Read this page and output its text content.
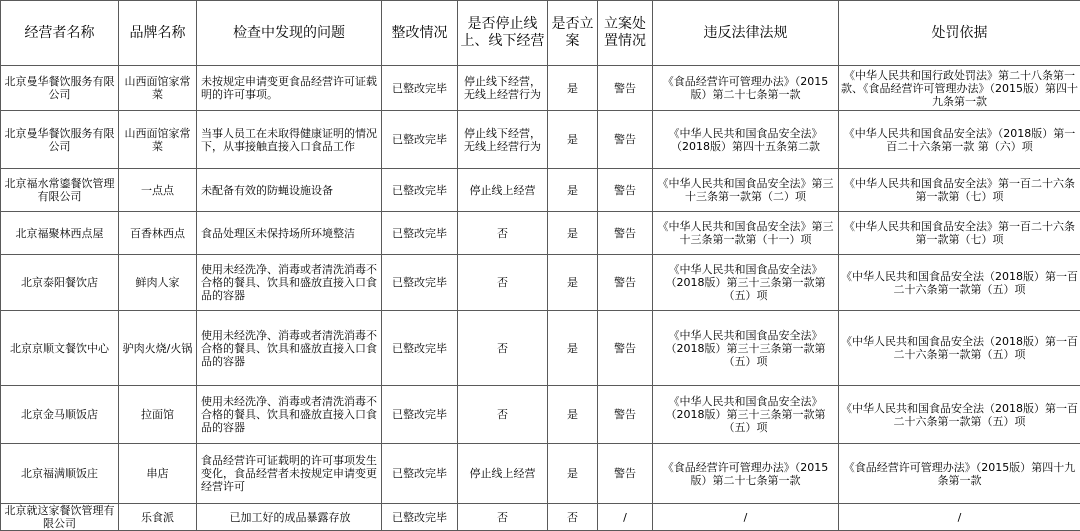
经营者名称	品牌名称	检查中发现的问题	整改情况	是否停止线上、线下经营	是否立案	立案处置情况	违反法律法规	处罚依据
北京曼华餐饮服务有限公司	山西面馆家常菜	未按规定申请变更食品经营许可证载明的许可事项。	已整改完毕	停止线下经营，无线上经营行为	是	警告	《食品经营许可管理办法》（2015版）第二十七条第一款	《中华人民共和国行政处罚法》第二十八条第一款、《食品经营许可管理办法》（2015版）第四十九条第一款
北京曼华餐饮服务有限公司	山西面馆家常菜	当事人员工在未取得健康证明的情况下，从事接触直接入口食品工作	已整改完毕	停止线下经营，无线上经营行为	是	警告	《中华人民共和国食品安全法》（2018版）第四十五条第二款	《中华人民共和国食品安全法》（2018版）第一百二十六条第一款 第（六）项
北京福水常鎏餐饮管理有限公司	一点点	未配备有效的防蝇设施设备	已整改完毕	停止线上经营	是	警告	《中华人民共和国食品安全法》第三十三条第一款第（二）项	《中华人民共和国食品安全法》第一百二十六条第一款第（七）项
北京福聚林西点屋	百香林西点	食品处理区未保持场所环境整洁	已整改完毕	否	是	警告	《中华人民共和国食品安全法》第三十三条第一款第（十一）项	《中华人民共和国食品安全法》第一百二十六条第一款第（七）项
北京泰阳餐饮店	鲜肉人家	使用未经洗净、消毒或者清洗消毒不合格的餐具、饮具和盛放直接入口食品的容器	已整改完毕	否	是	警告	《中华人民共和国食品安全法》（2018版）第三十三条第一款第（五）项	《中华人民共和国食品安全法（2018版）第一百二十六条第一款第（五）项
北京京顺文餐饮中心	驴肉火烧/火锅	使用未经洗净、消毒或者清洗消毒不合格的餐具、饮具和盛放直接入口食品的容器	已整改完毕	否	是	警告	《中华人民共和国食品安全法》（2018版）第三十三条第一款第（五）项	《中华人民共和国食品安全法（2018版）第一百二十六条第一款第（五）项
北京金马顺饭店	拉面馆	使用未经洗净、消毒或者清洗消毒不合格的餐具、饮具和盛放直接入口食品的容器	已整改完毕	否	是	警告	《中华人民共和国食品安全法》（2018版）第三十三条第一款第（五）项	《中华人民共和国食品安全法（2018版）第一百二十六条第一款第（五）项
北京福满顺饭庄	串店	食品经营许可证载明的许可事项发生变化，食品经营者未按规定申请变更经营许可	已整改完毕	停止线上经营	是	警告	《食品经营许可管理办法》（2015版）第二十七条第一款	《食品经营许可管理办法》（2015版）第四十九条第一款
北京就这家餐饮管理有限公司	乐食派	已加工好的成品暴露存放	已整改完毕	否	否	/	/	/
